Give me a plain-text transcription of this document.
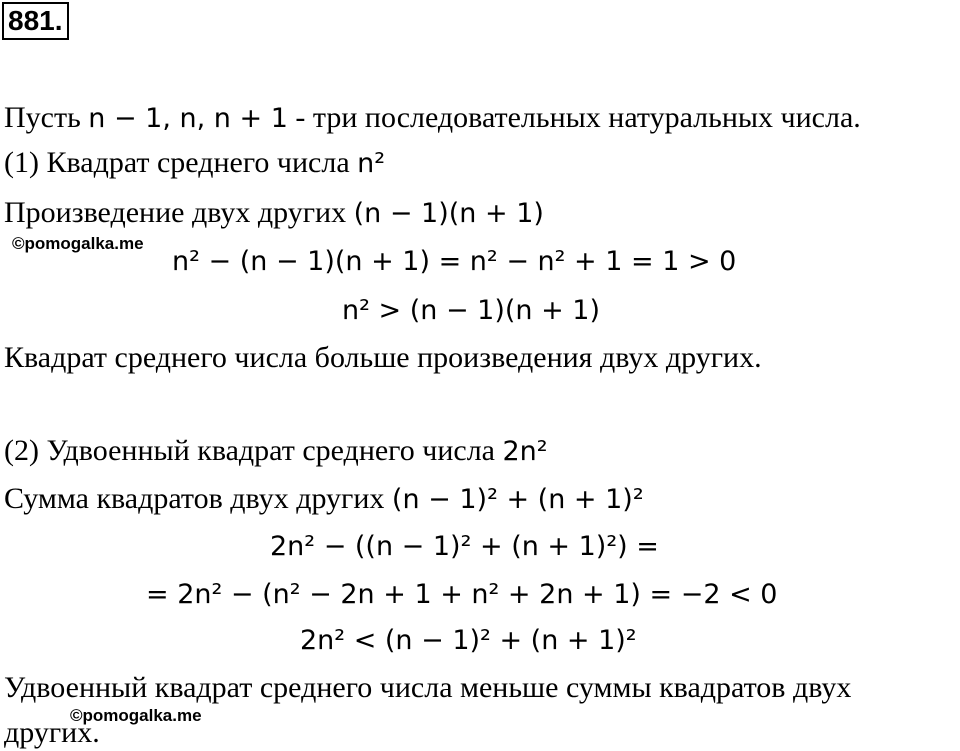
881.
Пусть n − 1, n, n + 1 - три последовательных натуральных числа.
(1) Квадрат среднего числа n²
Произведение двух других (n − 1)(n + 1)
©pomogalka.me
n² − (n − 1)(n + 1) = n² − n² + 1 = 1 > 0
n² > (n − 1)(n + 1)
Квадрат среднего числа больше произведения двух других.
(2) Удвоенный квадрат среднего числа 2n²
Сумма квадратов двух других (n − 1)² + (n + 1)²
2n² − ((n − 1)² + (n + 1)²) =
= 2n² − (n² − 2n + 1 + n² + 2n + 1) = −2 < 0
2n² < (n − 1)² + (n + 1)²
Удвоенный квадрат среднего числа меньше суммы квадратов двух
других.
©pomogalka.me
